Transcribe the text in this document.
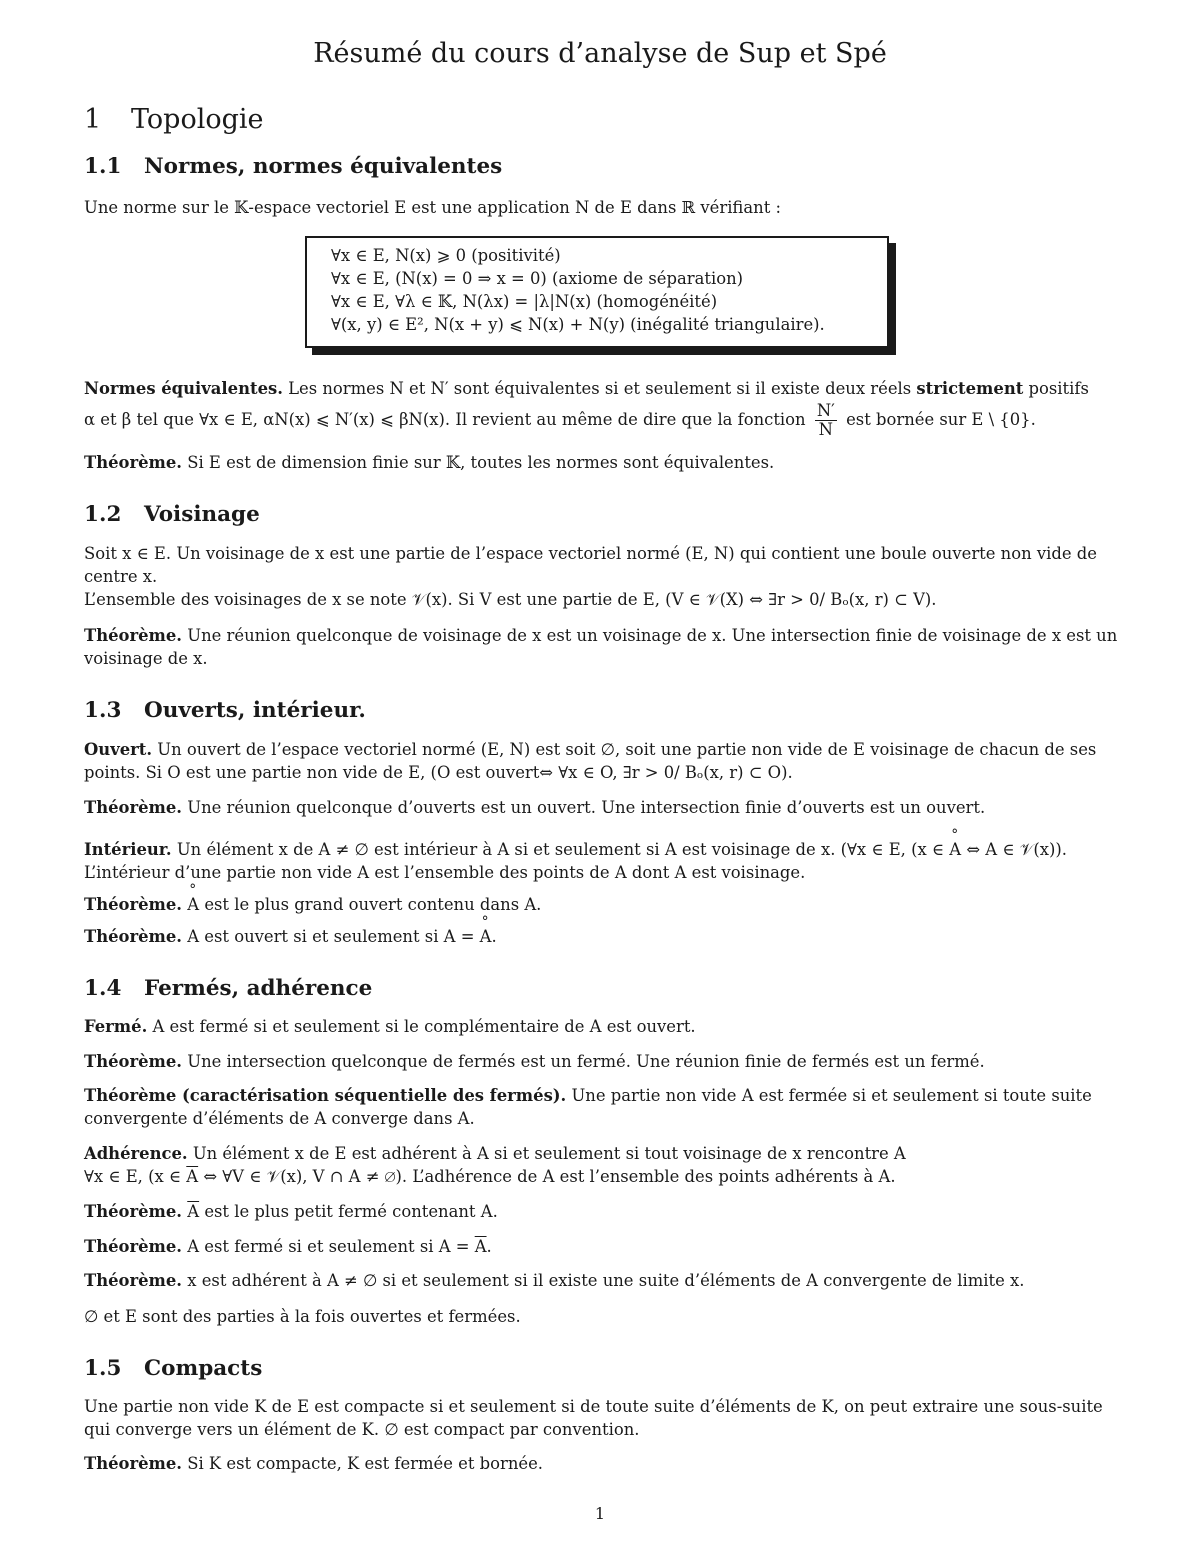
Résumé du cours d’analyse de Sup et Spé
1 Topologie
1.1 Normes, normes équivalentes
Une norme sur le 𝕂-espace vectoriel E est une application N de E dans ℝ vérifiant :
∀x ∈ E, N(x) ⩾ 0 (positivité)
∀x ∈ E, (N(x) = 0 ⇒ x = 0) (axiome de séparation)
∀x ∈ E, ∀λ ∈ 𝕂, N(λx) = |λ|N(x) (homogénéité)
∀(x, y) ∈ E², N(x + y) ⩽ N(x) + N(y) (inégalité triangulaire).
Normes équivalentes. Les normes N et N′ sont équivalentes si et seulement si il existe deux réels strictement positifs
α et β tel que ∀x ∈ E, αN(x) ⩽ N′(x) ⩽ βN(x). Il revient au même de dire que la fonction $\frac{N'}{N}$ est bornée sur E \ {0}.
Théorème. Si E est de dimension finie sur 𝕂, toutes les normes sont équivalentes.
1.2 Voisinage
Soit x ∈ E. Un voisinage de x est une partie de l’espace vectoriel normé (E, N) qui contient une boule ouverte non vide de centre x.
L’ensemble des voisinages de x se note 𝒱(x). Si V est une partie de E, (V ∈ 𝒱(X) ⇔ ∃r > 0/ Bₒ(x, r) ⊂ V).
Théorème. Une réunion quelconque de voisinage de x est un voisinage de x. Une intersection finie de voisinage de x est un voisinage de x.
1.3 Ouverts, intérieur.
Ouvert. Un ouvert de l’espace vectoriel normé (E, N) est soit ∅, soit une partie non vide de E voisinage de chacun de ses points. Si O est une partie non vide de E, (O est ouvert⇔ ∀x ∈ O, ∃r > 0/ Bₒ(x, r) ⊂ O).
Théorème. Une réunion quelconque d’ouverts est un ouvert. Une intersection finie d’ouverts est un ouvert.
Intérieur. Un élément x de A ≠ ∅ est intérieur à A si et seulement si A est voisinage de x. (∀x ∈ E, (x ∈ ° A ⇔ A ∈ 𝒱(x)).
L’intérieur d’une partie non vide A est l’ensemble des points de A dont A est voisinage.
Théorème. ° A est le plus grand ouvert contenu dans A.
Théorème. A est ouvert si et seulement si A = ° A.
1.4 Fermés, adhérence
Fermé. A est fermé si et seulement si le complémentaire de A est ouvert.
Théorème. Une intersection quelconque de fermés est un fermé. Une réunion finie de fermés est un fermé.
Théorème (caractérisation séquentielle des fermés). Une partie non vide A est fermée si et seulement si toute suite convergente d’éléments de A converge dans A.
Adhérence. Un élément x de E est adhérent à A si et seulement si tout voisinage de x rencontre A
∀x ∈ E, (x ∈ $\overline{A}$ ⇔ ∀V ∈ 𝒱(x), V ∩ A ≠ ∅). L’adhérence de A est l’ensemble des points adhérents à A.
Théorème. $\overline{A}$ est le plus petit fermé contenant A.
Théorème. A est fermé si et seulement si $A = \overline{A}$.
Théorème. x est adhérent à A ≠ ∅ si et seulement si il existe une suite d’éléments de A convergente de limite x.
∅ et E sont des parties à la fois ouvertes et fermées.
1.5 Compacts
Une partie non vide K de E est compacte si et seulement si de toute suite d’éléments de K, on peut extraire une sous-suite qui converge vers un élément de K. ∅ est compact par convention.
Théorème. Si K est compacte, K est fermée et bornée.
1
